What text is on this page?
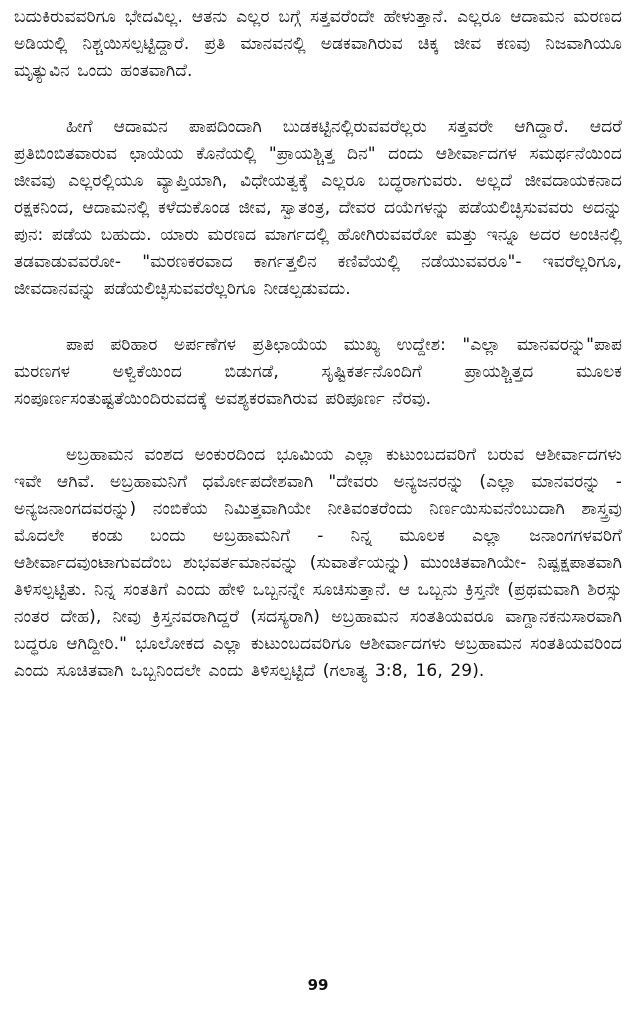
ಬದುಕಿರುವವರಿಗೂ ಭೇದವಿಲ್ಲ. ಆತನು ಎಲ್ಲರ ಬಗ್ಗೆ ಸತ್ತವರೆಂದೇ ಹೇಳುತ್ತಾನೆ. ಎಲ್ಲರೂ ಆದಾಮನ ಮರಣದ ಅಡಿಯಲ್ಲಿ ನಿಶ್ಚಯಿಸಲ್ಪಟ್ಟಿದ್ದಾರೆ. ಪ್ರತಿ ಮಾನವನಲ್ಲಿ ಅಡಕವಾಗಿರುವ ಚಿಕ್ಕ ಜೀವ ಕಣವು ನಿಜವಾಗಿಯೂ ಮೃತ್ಯುವಿನ ಒಂದು ಹಂತವಾಗಿದೆ.

ಹೀಗೆ ಆದಾಮನ ಪಾಪದಿಂದಾಗಿ ಬುಡಕಟ್ಟಿನಲ್ಲಿರುವವರೆಲ್ಲರು ಸತ್ತವರೇ ಆಗಿದ್ದಾರೆ. ಆದರೆ ಪ್ರತಿಬಿಂಬಿತವಾರುವ ಛಾಯೆಯ ಕೊನೆಯಲ್ಲಿ "ಪ್ರಾಯಶ್ಚಿತ್ತ ದಿನ" ದಂದು ಆಶೀರ್ವಾದಗಳ ಸಮರ್ಥನೆಯಿಂದ ಜೀವವು ಎಲ್ಲರಲ್ಲಿಯೂ ವ್ಯಾಪ್ತಿಯಾಗಿ, ವಿಧೇಯತ್ವಕ್ಕೆ ಎಲ್ಲರೂ ಬದ್ಧರಾಗುವರು. ಅಲ್ಲದೆ ಜೀವದಾಯಕನಾದ ರಕ್ಷಕನಿಂದ, ಆದಾಮನಲ್ಲಿ ಕಳೆದುಕೊಂಡ ಜೀವ, ಸ್ವಾತಂತ್ರ, ದೇವರ ದಯೆಗಳನ್ನು ಪಡೆಯಲಿಚ್ಛಿಸುವವರು ಅದನ್ನು ಪುನ: ಪಡೆಯ ಬಹುದು. ಯಾರು ಮರಣದ ಮಾರ್ಗದಲ್ಲಿ ಹೋಗಿರುವವರೋ ಮತ್ತು ಇನ್ನೂ ಅದರ ಅಂಚಿನಲ್ಲಿ ತಡವಾಡುವವರೋ- "ಮರಣಕರವಾದ ಕಾರ್ಗತ್ತಲಿನ ಕಣಿವೆಯಲ್ಲಿ ನಡೆಯುವವರೂ"- ಇವರೆಲ್ಲರಿಗೂ, ಜೀವದಾನವನ್ನು ಪಡೆಯಲಿಚ್ಛಿಸುವವರೆಲ್ಲರಿಗೂ ನೀಡಲ್ಪಡುವದು.

ಪಾಪ ಪರಿಹಾರ ಅರ್ಪಣೆಗಳ ಪ್ರತಿಛಾಯೆಯ ಮುಖ್ಯ ಉದ್ದೇಶ: "ಎಲ್ಲಾ ಮಾನವರನ್ನು"ಪಾಪ ಮರಣಗಳ ಅಳ್ವಿಕೆಯಿಂದ ಬಿಡುಗಡೆ, ಸೃಷ್ಟಿಕರ್ತನೊಂದಿಗೆ ಪ್ರಾಯಶ್ಚಿತ್ತದ ಮೂಲಕ ಸಂಪೂರ್ಣಸಂತುಷ್ಟತೆಯಿಂದಿರುವದಕ್ಕೆ ಅವಶ್ಯಕರವಾಗಿರುವ ಪರಿಪೂರ್ಣ ನೆರವು.

ಅಬ್ರಹಾಮನ ವಂಶದ ಅಂಕುರದಿಂದ ಭೂಮಿಯ ಎಲ್ಲಾ ಕುಟುಂಬದವರಿಗೆ ಬರುವ ಆಶೀರ್ವಾದಗಳು ಇವೇ ಆಗಿವೆ. ಅಬ್ರಹಾಮನಿಗೆ ಧರ್ಮೋಪದೇಶವಾಗಿ "ದೇವರು ಅನ್ಯಜನರನ್ನು (ಎಲ್ಲಾ ಮಾನವರನ್ನು - ಅನ್ಯಜನಾಂಗದವರನ್ನು) ನಂಬಿಕೆಯ ನಿಮಿತ್ತವಾಗಿಯೇ ನೀತಿವಂತರೆಂದು ನಿರ್ಣಯಿಸುವನೆಂಬುದಾಗಿ ಶಾಸ್ತ್ರವು ಮೊದಲೇ ಕಂಡು ಬಂದು ಅಬ್ರಹಾಮನಿಗೆ - ನಿನ್ನ ಮೂಲಕ ಎಲ್ಲಾ ಜನಾಂಗಗಳವರಿಗೆ ಆಶೀರ್ವಾದವುಂಟಾಗುವದೆಂಬ ಶುಭವರ್ತಮಾನವನ್ನು (ಸುವಾರ್ತೆಯನ್ನು) ಮುಂಚಿತವಾಗಿಯೇ- ನಿಷ್ಪಕ್ಷಪಾತವಾಗಿ ತಿಳಿಸಲ್ಪಟ್ಟಿತು. ನಿನ್ನ ಸಂತತಿಗೆ ಎಂದು ಹೇಳಿ ಒಬ್ಬನನ್ನೇ ಸೂಚಿಸುತ್ತಾನೆ. ಆ ಒಬ್ಬನು ಕ್ರಿಸ್ತನೇ (ಪ್ರಥಮವಾಗಿ ಶಿರಸ್ಸು ನಂತರ ದೇಹ), ನೀವು ಕ್ರಿಸ್ತನವರಾಗಿದ್ದರೆ (ಸದಸ್ಯರಾಗಿ) ಅಬ್ರಹಾಮನ ಸಂತತಿಯವರೂ ವಾಗ್ದಾನಕನುಸಾರವಾಗಿ ಬದ್ಧರೂ ಆಗಿದ್ದೀರಿ." ಭೂಲೋಕದ ಎಲ್ಲಾ ಕುಟುಂಬದವರಿಗೂ ಆಶೀರ್ವಾದಗಳು ಅಬ್ರಹಾಮನ ಸಂತತಿಯವರಿಂದ ಎಂದು ಸೂಚಿತವಾಗಿ ಒಬ್ಬನಿಂದಲೇ ಎಂದು ತಿಳಿಸಲ್ಪಟ್ಟಿದೆ (ಗಲಾತ್ಯ 3:8, 16, 29).

99
